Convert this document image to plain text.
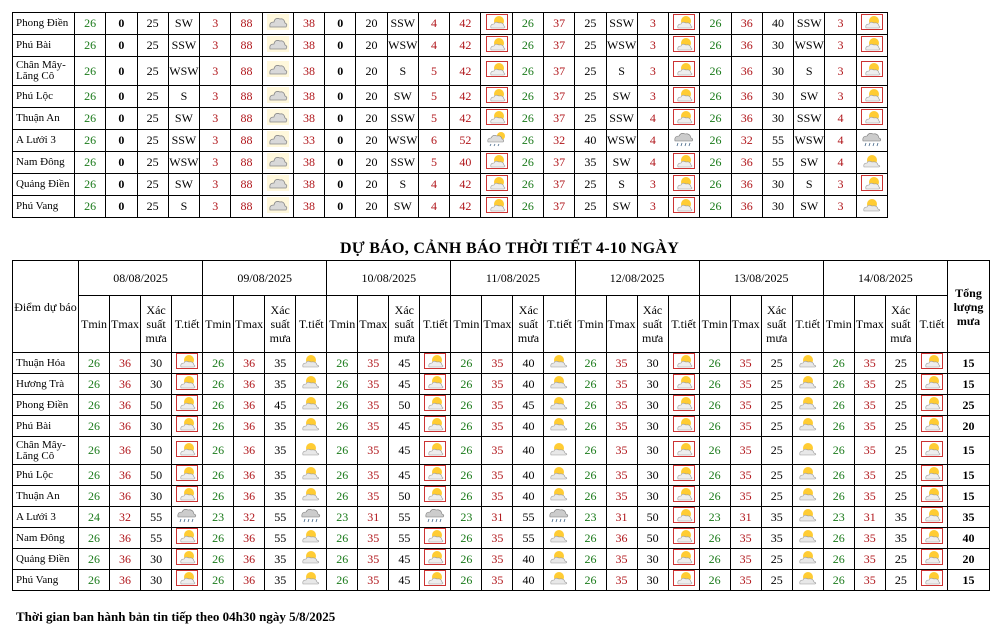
Phong Điền	26	0	25	SW	3	88		38	0	20	SSW	4	42		26	37	25	SSW	3		26	36	40	SSW	3	
Phú Bài	26	0	25	SSW	3	88		38	0	20	WSW	4	42		26	37	25	WSW	3		26	36	30	WSW	3	
Chân Mây-Lăng Cô	26	0	25	WSW	3	88		38	0	20	S	5	42		26	37	25	S	3		26	36	30	S	3	
Phú Lộc	26	0	25	S	3	88		38	0	20	SW	5	42		26	37	25	SW	3		26	36	30	SW	3	
Thuận An	26	0	25	SW	3	88		38	0	20	SSW	5	42		26	37	25	SSW	4		26	36	30	SSW	4	
A Lưới 3	26	0	25	SSW	3	88		33	0	20	WSW	6	52		26	32	40	WSW	4		26	32	55	WSW	4	
Nam Đông	26	0	25	WSW	3	88		38	0	20	SSW	5	40		26	37	35	SW	4		26	36	55	SW	4	
Quảng Điền	26	0	25	SW	3	88		38	0	20	S	4	42		26	37	25	S	3		26	36	30	S	3	
Phú Vang	26	0	25	S	3	88		38	0	20	SW	4	42		26	37	25	SW	3		26	36	30	SW	3	
DỰ BÁO, CẢNH BÁO THỜI TIẾT 4-10 NGÀY
Điểm dự báo	08/08/2025				09/08/2025				10/08/2025				11/08/2025				12/08/2025				13/08/2025				14/08/2025				Tổng lượng mưa
	Tmin	Tmax	Xác suất mưa	T.tiết	Tmin	Tmax	Xác suất mưa	T.tiết	Tmin	Tmax	Xác suất mưa	T.tiết	Tmin	Tmax	Xác suất mưa	T.tiết	Tmin	Tmax	Xác suất mưa	T.tiết	Tmin	Tmax	Xác suất mưa	T.tiết	Tmin	Tmax	Xác suất mưa	T.tiết	
Thuận Hóa	26	36	30		26	36	35		26	35	45		26	35	40		26	35	30		26	35	25		26	35	25		15
Hương Trà	26	36	30		26	36	35		26	35	45		26	35	40		26	35	30		26	35	25		26	35	25		15
Phong Điền	26	36	50		26	36	45		26	35	50		26	35	45		26	35	30		26	35	25		26	35	25		25
Phú Bài	26	36	30		26	36	35		26	35	45		26	35	40		26	35	30		26	35	25		26	35	25		20
Chân Mây-Lăng Cô	26	36	50		26	36	35		26	35	45		26	35	40		26	35	30		26	35	25		26	35	25		15
Phú Lộc	26	36	50		26	36	35		26	35	45		26	35	40		26	35	30		26	35	25		26	35	25		15
Thuận An	26	36	30		26	36	35		26	35	50		26	35	40		26	35	30		26	35	25		26	35	25		15
A Lưới 3	24	32	55		23	32	55		23	31	55		23	31	55		23	31	50		23	31	35		23	31	35		35
Nam Đông	26	36	55		26	36	55		26	35	55		26	35	55		26	36	50		26	35	35		26	35	35		40
Quảng Điền	26	36	30		26	36	35		26	35	45		26	35	40		26	35	30		26	35	25		26	35	25		20
Phú Vang	26	36	30		26	36	35		26	35	45		26	35	40		26	35	30		26	35	25		26	35	25		15
Thời gian ban hành bản tin tiếp theo 04h30 ngày 5/8/2025
